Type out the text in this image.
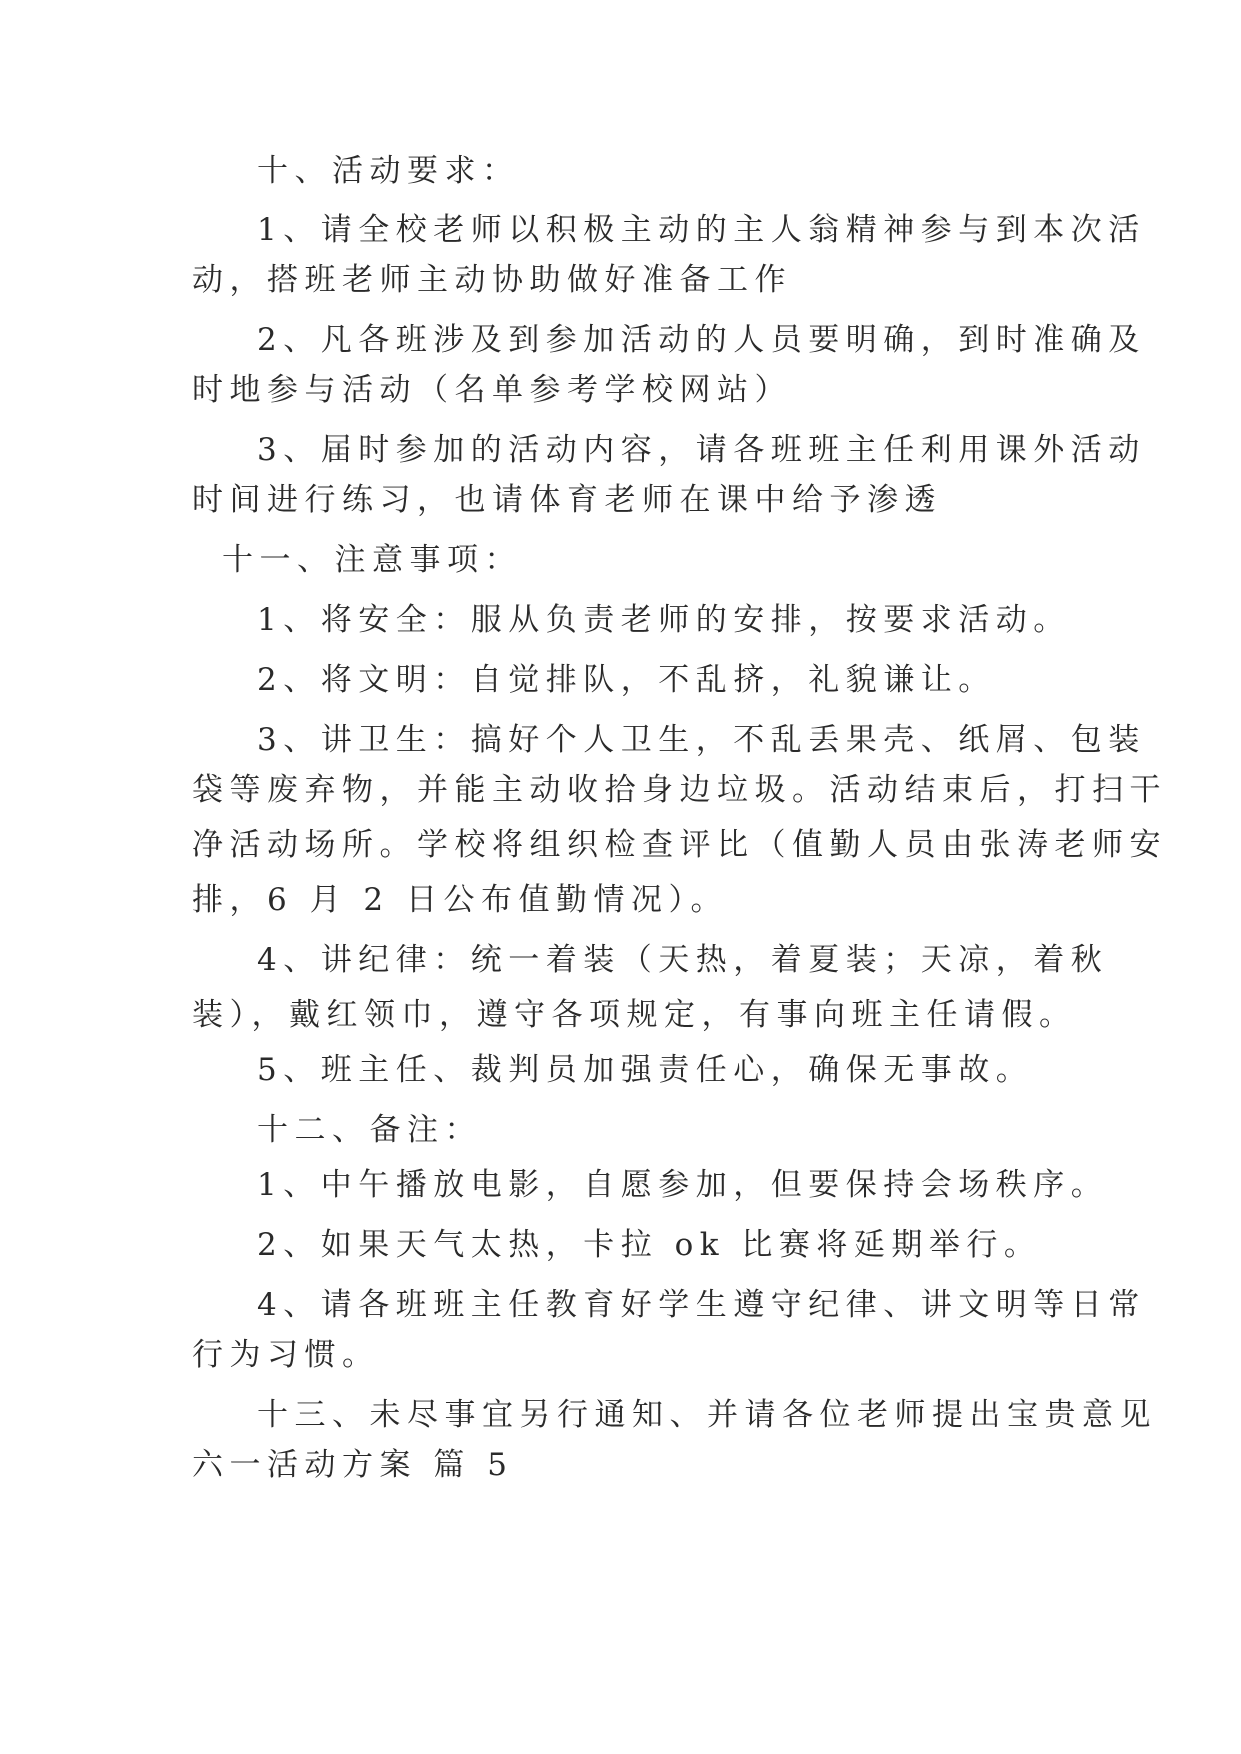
十、活动要求：
1、请全校老师以积极主动的主人翁精神参与到本次活
动，搭班老师主动协助做好准备工作
2、凡各班涉及到参加活动的人员要明确，到时准确及
时地参与活动（名单参考学校网站）
3、届时参加的活动内容，请各班班主任利用课外活动
时间进行练习，也请体育老师在课中给予渗透
十一、注意事项：
1、将安全：服从负责老师的安排，按要求活动。
2、将文明：自觉排队，不乱挤，礼貌谦让。
3、讲卫生：搞好个人卫生，不乱丢果壳、纸屑、包装
袋等废弃物，并能主动收拾身边垃圾。活动结束后，打扫干
净活动场所。学校将组织检查评比（值勤人员由张涛老师安
排，6 月 2 日公布值勤情况）。
4、讲纪律：统一着装（天热，着夏装；天凉，着秋
装），戴红领巾，遵守各项规定，有事向班主任请假。
5、班主任、裁判员加强责任心，确保无事故。
十二、备注：
1、中午播放电影，自愿参加，但要保持会场秩序。
2、如果天气太热，卡拉 ok 比赛将延期举行。
4、请各班班主任教育好学生遵守纪律、讲文明等日常
行为习惯。
十三、未尽事宜另行通知、并请各位老师提出宝贵意见
六一活动方案 篇 5
